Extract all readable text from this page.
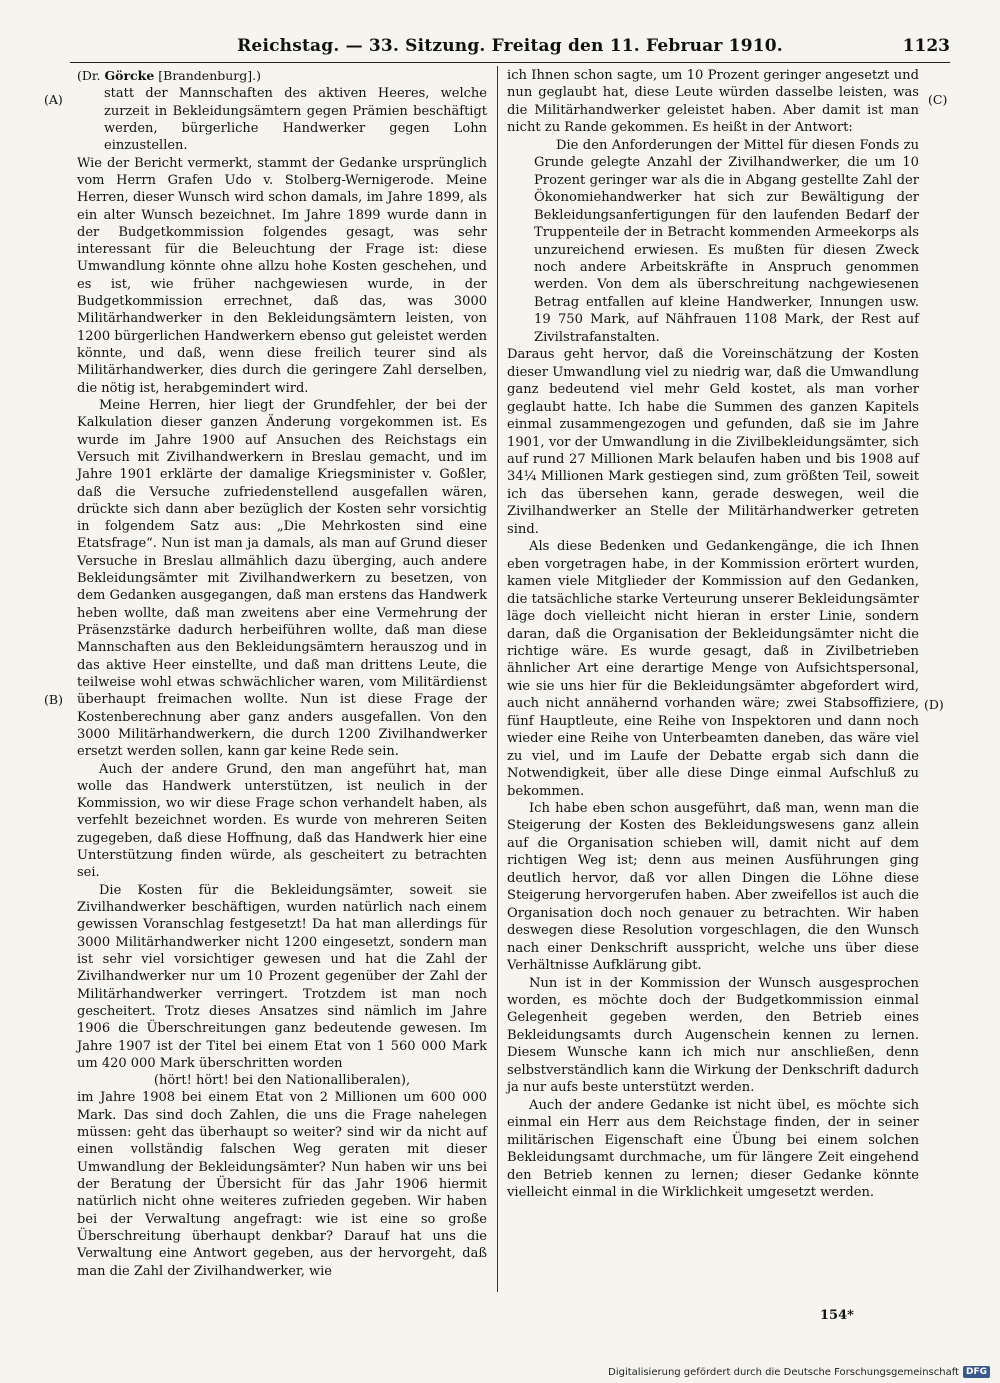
Reichstag. — 33. Sitzung. Freitag den 11. Februar 1910.	1123
(A)
(B)
(C)
(D)
(Dr. Görcke [Brandenburg].)

statt der Mannschaften des aktiven Heeres, welche zurzeit in Bekleidungsämtern gegen Prämien beschäftigt werden, bürgerliche Handwerker gegen Lohn einzustellen.

Wie der Bericht vermerkt, stammt der Gedanke ursprünglich vom Herrn Grafen Udo v. Stolberg-Wernigerode. Meine Herren, dieser Wunsch wird schon damals, im Jahre 1899, als ein alter Wunsch bezeichnet. Im Jahre 1899 wurde dann in der Budgetkommission folgendes gesagt, was sehr interessant für die Beleuchtung der Frage ist: diese Umwandlung könnte ohne allzu hohe Kosten geschehen, und es ist, wie früher nachgewiesen wurde, in der Budgetkommission errechnet, daß das, was 3000 Militärhandwerker in den Bekleidungsämtern leisten, von 1200 bürgerlichen Handwerkern ebenso gut geleistet werden könnte, und daß, wenn diese freilich teurer sind als Militärhandwerker, dies durch die geringere Zahl derselben, die nötig ist, herabgemindert wird.

Meine Herren, hier liegt der Grundfehler, der bei der Kalkulation dieser ganzen Änderung vorgekommen ist. Es wurde im Jahre 1900 auf Ansuchen des Reichstags ein Versuch mit Zivilhandwerkern in Breslau gemacht, und im Jahre 1901 erklärte der damalige Kriegsminister v. Goßler, daß die Versuche zufriedenstellend ausgefallen wären, drückte sich dann aber bezüglich der Kosten sehr vorsichtig in folgendem Satz aus: „Die Mehrkosten sind eine Etatsfrage“. Nun ist man ja damals, als man auf Grund dieser Versuche in Breslau allmählich dazu überging, auch andere Bekleidungsämter mit Zivilhandwerkern zu besetzen, von dem Gedanken ausgegangen, daß man erstens das Handwerk heben wollte, daß man zweitens aber eine Vermehrung der Präsenzstärke dadurch herbeiführen wollte, daß man diese Mannschaften aus den Bekleidungsämtern herauszog und in das aktive Heer einstellte, und daß man drittens Leute, die teilweise wohl etwas schwächlicher waren, vom Militärdienst überhaupt freimachen wollte. Nun ist diese Frage der Kostenberechnung aber ganz anders ausgefallen. Von den 3000 Militärhandwerkern, die durch 1200 Zivilhandwerker ersetzt werden sollen, kann gar keine Rede sein.

Auch der andere Grund, den man angeführt hat, man wolle das Handwerk unterstützen, ist neulich in der Kommission, wo wir diese Frage schon verhandelt haben, als verfehlt bezeichnet worden. Es wurde von mehreren Seiten zugegeben, daß diese Hoffnung, daß das Handwerk hier eine Unterstützung finden würde, als gescheitert zu betrachten sei.

Die Kosten für die Bekleidungsämter, soweit sie Zivilhandwerker beschäftigen, wurden natürlich nach einem gewissen Voranschlag festgesetzt! Da hat man allerdings für 3000 Militärhandwerker nicht 1200 eingesetzt, sondern man ist sehr viel vorsichtiger gewesen und hat die Zahl der Zivilhandwerker nur um 10 Prozent gegenüber der Zahl der Militärhandwerker verringert. Trotzdem ist man noch gescheitert. Trotz dieses Ansatzes sind nämlich im Jahre 1906 die Überschreitungen ganz bedeutende gewesen. Im Jahre 1907 ist der Titel bei einem Etat von 1 560 000 Mark um 420 000 Mark überschritten worden

(hört! hört! bei den Nationalliberalen),

im Jahre 1908 bei einem Etat von 2 Millionen um 600 000 Mark. Das sind doch Zahlen, die uns die Frage nahelegen müssen: geht das überhaupt so weiter? sind wir da nicht auf einen vollständig falschen Weg geraten mit dieser Umwandlung der Bekleidungsämter? Nun haben wir uns bei der Beratung der Übersicht für das Jahr 1906 hiermit natürlich nicht ohne weiteres zufrieden gegeben. Wir haben bei der Verwaltung angefragt: wie ist eine so große Überschreitung überhaupt denkbar? Darauf hat uns die Verwaltung eine Antwort gegeben, aus der hervorgeht, daß man die Zahl der Zivilhandwerker, wie

ich Ihnen schon sagte, um 10 Prozent geringer angesetzt und nun geglaubt hat, diese Leute würden dasselbe leisten, was die Militärhandwerker geleistet haben. Aber damit ist man nicht zu Rande gekommen. Es heißt in der Antwort:

Die den Anforderungen der Mittel für diesen Fonds zu Grunde gelegte Anzahl der Zivilhandwerker, die um 10 Prozent geringer war als die in Abgang gestellte Zahl der Ökonomiehandwerker hat sich zur Bewältigung der Bekleidungsanfertigungen für den laufenden Bedarf der Truppenteile der in Betracht kommenden Armeekorps als unzureichend erwiesen. Es mußten für diesen Zweck noch andere Arbeitskräfte in Anspruch genommen werden. Von dem als überschreitung nachgewiesenen Betrag entfallen auf kleine Handwerker, Innungen usw. 19 750 Mark, auf Nähfrauen 1108 Mark, der Rest auf Zivilstrafanstalten.

Daraus geht hervor, daß die Voreinschätzung der Kosten dieser Umwandlung viel zu niedrig war, daß die Umwandlung ganz bedeutend viel mehr Geld kostet, als man vorher geglaubt hatte. Ich habe die Summen des ganzen Kapitels einmal zusammengezogen und gefunden, daß sie im Jahre 1901, vor der Umwandlung in die Zivilbekleidungsämter, sich auf rund 27 Millionen Mark belaufen haben und bis 1908 auf 34¼ Millionen Mark gestiegen sind, zum größten Teil, soweit ich das übersehen kann, gerade deswegen, weil die Zivilhandwerker an Stelle der Militärhandwerker getreten sind.

Als diese Bedenken und Gedankengänge, die ich Ihnen eben vorgetragen habe, in der Kommission erörtert wurden, kamen viele Mitglieder der Kommission auf den Gedanken, die tatsächliche starke Verteurung unserer Bekleidungsämter läge doch vielleicht nicht hieran in erster Linie, sondern daran, daß die Organisation der Bekleidungsämter nicht die richtige wäre. Es wurde gesagt, daß in Zivilbetrieben ähnlicher Art eine derartige Menge von Aufsichtspersonal, wie sie uns hier für die Bekleidungsämter abgefordert wird, auch nicht annähernd vorhanden wäre; zwei Stabsoffiziere, fünf Hauptleute, eine Reihe von Inspektoren und dann noch wieder eine Reihe von Unterbeamten daneben, das wäre viel zu viel, und im Laufe der Debatte ergab sich dann die Notwendigkeit, über alle diese Dinge einmal Aufschluß zu bekommen.

Ich habe eben schon ausgeführt, daß man, wenn man die Steigerung der Kosten des Bekleidungswesens ganz allein auf die Organisation schieben will, damit nicht auf dem richtigen Weg ist; denn aus meinen Ausführungen ging deutlich hervor, daß vor allen Dingen die Löhne diese Steigerung hervorgerufen haben. Aber zweifellos ist auch die Organisation doch noch genauer zu betrachten. Wir haben deswegen diese Resolution vorgeschlagen, die den Wunsch nach einer Denkschrift ausspricht, welche uns über diese Verhältnisse Aufklärung gibt.

Nun ist in der Kommission der Wunsch ausgesprochen worden, es möchte doch der Budgetkommission einmal Gelegenheit gegeben werden, den Betrieb eines Bekleidungsamts durch Augenschein kennen zu lernen. Diesem Wunsche kann ich mich nur anschließen, denn selbstverständlich kann die Wirkung der Denkschrift dadurch ja nur aufs beste unterstützt werden.

Auch der andere Gedanke ist nicht übel, es möchte sich einmal ein Herr aus dem Reichstage finden, der in seiner militärischen Eigenschaft eine Übung bei einem solchen Bekleidungsamt durchmache, um für längere Zeit eingehend den Betrieb kennen zu lernen; dieser Gedanke könnte vielleicht einmal in die Wirklichkeit umgesetzt werden.

154*
Digitalisierung gefördert durch die Deutsche Forschungsgemeinschaft DFG
